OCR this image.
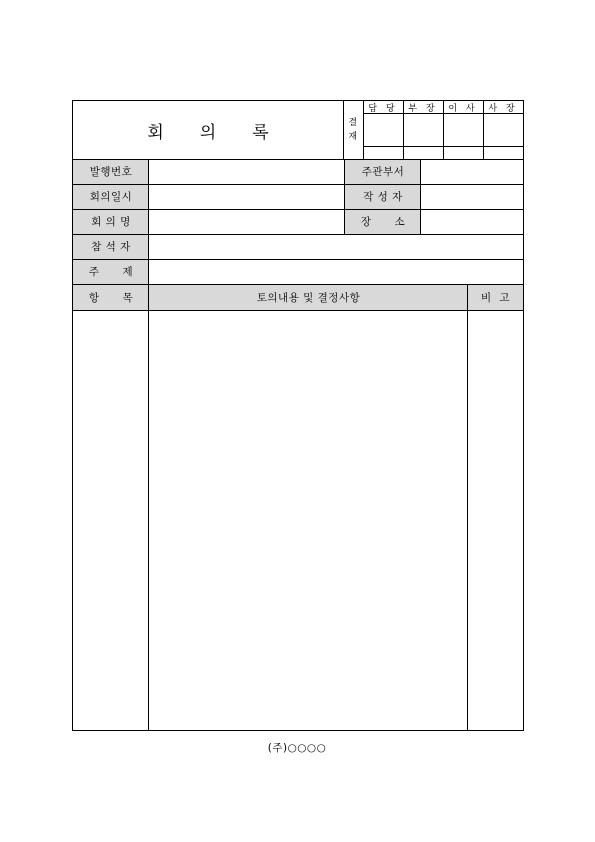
회 의 록	결
재
담 당	부 장	이 사	사 장
발행번호	주관부서
회의일시	작 성 자
회 의 명	장      소
참 석 자
주      제
항      목	토의내용 및 결정사항	비  고
(주)○○○○
